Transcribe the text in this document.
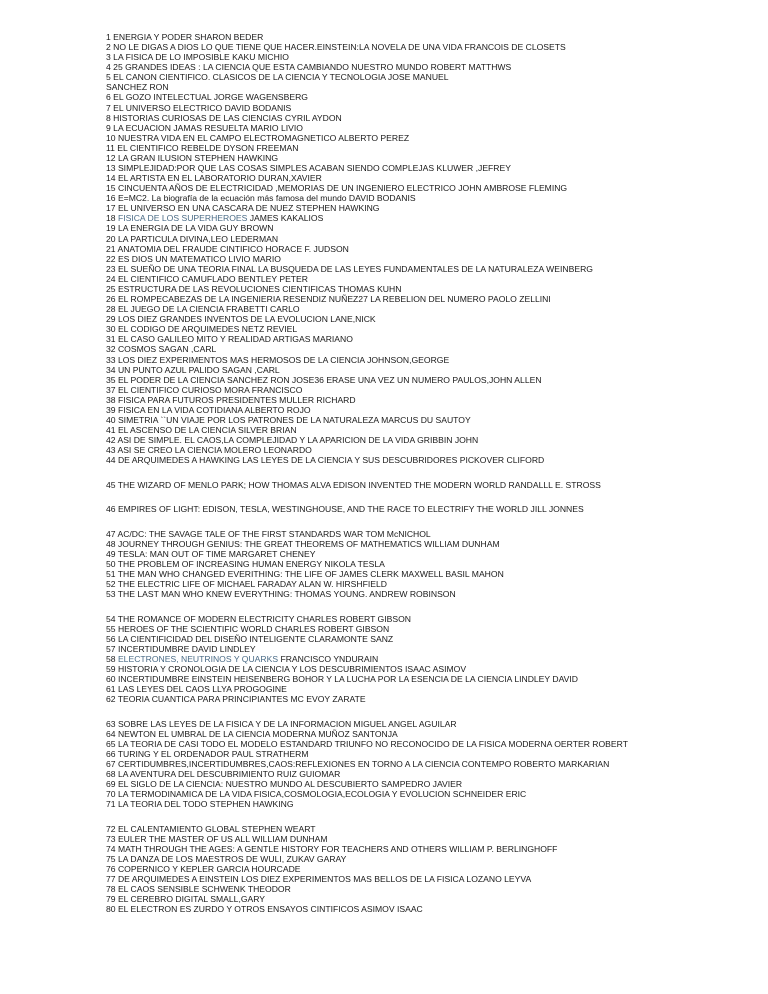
1 ENERGIA Y PODER SHARON BEDER
2 NO LE DIGAS A DIOS LO QUE TIENE QUE HACER.EINSTEIN:LA NOVELA DE UNA VIDA FRANCOIS DE CLOSETS
3 LA FISICA DE LO IMPOSIBLE KAKU MICHIO
4 25 GRANDES IDEAS : LA CIENCIA QUE ESTA CAMBIANDO NUESTRO MUNDO ROBERT MATTHWS
5 EL CANON CIENTIFICO. CLASICOS DE LA CIENCIA Y TECNOLOGIA JOSE MANUEL
SANCHEZ RON
6 EL GOZO INTELECTUAL JORGE WAGENSBERG
7 EL UNIVERSO ELECTRICO DAVID BODANIS
8 HISTORIAS CURIOSAS DE LAS CIENCIAS CYRIL AYDON
9 LA ECUACION JAMAS RESUELTA MARIO LIVIO
10 NUESTRA VIDA EN EL CAMPO ELECTROMAGNETICO ALBERTO PEREZ
11 EL CIENTIFICO REBELDE DYSON FREEMAN
12 LA GRAN ILUSION STEPHEN HAWKING
13 SIMPLEJIDAD:POR QUE LAS COSAS SIMPLES ACABAN SIENDO COMPLEJAS KLUWER ,JEFREY
14 EL ARTISTA EN EL LABORATORIO DURAN,XAVIER
15 CINCUENTA AÑOS DE ELECTRICIDAD ,MEMORIAS DE UN INGENIERO ELECTRICO JOHN AMBROSE FLEMING
16 E=MC2. La biografía de la ecuación más famosa del mundo DAVID BODANIS
17 EL UNIVERSO EN UNA CASCARA DE NUEZ STEPHEN HAWKING
18 FISICA DE LOS SUPERHEROES JAMES KAKALIOS
19 LA ENERGIA DE LA VIDA GUY BROWN
20 LA PARTICULA DIVINA,LEO LEDERMAN
21 ANATOMIA DEL FRAUDE CINTIFICO HORACE F. JUDSON
22 ES DIOS UN MATEMATICO LIVIO MARIO
23 EL SUEÑO DE UNA TEORIA FINAL LA BUSQUEDA DE LAS LEYES FUNDAMENTALES DE LA NATURALEZA WEINBERG
24 EL CIENTIFICO CAMUFLADO BENTLEY PETER
25 ESTRUCTURA DE LAS REVOLUCIONES CIENTIFICAS THOMAS KUHN
26 EL ROMPECABEZAS DE LA INGENIERIA RESENDIZ NUÑEZ27 LA REBELION DEL NUMERO PAOLO ZELLINI
28 EL JUEGO DE LA CIENCIA FRABETTI CARLO
29 LOS DIEZ GRANDES INVENTOS DE LA EVOLUCION LANE,NICK
30 EL CODIGO DE ARQUIMEDES NETZ REVIEL
31 EL CASO GALILEO MITO Y REALIDAD ARTIGAS MARIANO
32 COSMOS SAGAN ,CARL
33 LOS DIEZ EXPERIMENTOS MAS HERMOSOS DE LA CIENCIA JOHNSON,GEORGE
34 UN PUNTO AZUL PALIDO SAGAN ,CARL
35 EL PODER DE LA CIENCIA SANCHEZ RON JOSE36 ERASE UNA VEZ UN NUMERO PAULOS,JOHN ALLEN
37 EL CIENTIFICO CURIOSO MORA FRANCISCO
38 FISICA PARA FUTUROS PRESIDENTES MULLER RICHARD
39 FISICA EN LA VIDA COTIDIANA ALBERTO ROJO
40 SIMETRIA ``UN VIAJE POR LOS PATRONES DE LA NATURALEZA MARCUS DU SAUTOY
41 EL ASCENSO DE LA CIENCIA SILVER BRIAN
42 ASI DE SIMPLE. EL CAOS,LA COMPLEJIDAD Y LA APARICION DE LA VIDA GRIBBIN JOHN
43 ASI SE CREO LA CIENCIA MOLERO LEONARDO
44 DE ARQUIMEDES A HAWKING LAS LEYES DE LA CIENCIA Y SUS DESCUBRIDORES PICKOVER CLIFORD
45 THE WIZARD OF MENLO PARK; HOW THOMAS ALVA EDISON INVENTED THE MODERN WORLD RANDALLL E. STROSS
46 EMPIRES OF LIGHT: EDISON, TESLA, WESTINGHOUSE, AND THE RACE TO ELECTRIFY THE WORLD JILL JONNES
47 AC/DC: THE SAVAGE TALE OF THE FIRST STANDARDS WAR TOM McNICHOL
48 JOURNEY THROUGH GENIUS: THE GREAT THEOREMS OF MATHEMATICS WILLIAM DUNHAM
49 TESLA: MAN OUT OF TIME MARGARET CHENEY
50 THE PROBLEM OF INCREASING HUMAN ENERGY NIKOLA TESLA
51 THE MAN WHO CHANGED EVERITHING: THE LIFE OF JAMES CLERK MAXWELL BASIL MAHON
52 THE ELECTRIC LIFE OF MICHAEL FARADAY ALAN W. HIRSHFIELD
53 THE LAST MAN WHO KNEW EVERYTHING: THOMAS YOUNG. ANDREW ROBINSON
54 THE ROMANCE OF MODERN ELECTRICITY CHARLES ROBERT GIBSON
55 HEROES OF THE SCIENTIFIC WORLD CHARLES ROBERT GIBSON
56 LA CIENTIFICIDAD DEL DISEÑO INTELIGENTE CLARAMONTE SANZ
57 INCERTIDUMBRE DAVID LINDLEY
58 ELECTRONES, NEUTRINOS Y QUARKS FRANCISCO YNDURAIN
59 HISTORIA Y CRONOLOGIA DE LA CIENCIA Y LOS DESCUBRIMIENTOS ISAAC ASIMOV
60 INCERTIDUMBRE EINSTEIN HEISENBERG BOHOR Y LA LUCHA POR LA ESENCIA DE LA CIENCIA LINDLEY DAVID
61 LAS LEYES DEL CAOS LLYA PROGOGINE
62 TEORIA CUANTICA PARA PRINCIPIANTES MC EVOY ZARATE
63 SOBRE LAS LEYES DE LA FISICA Y DE LA INFORMACION MIGUEL ANGEL AGUILAR
64 NEWTON EL UMBRAL DE LA CIENCIA MODERNA MUÑOZ SANTONJA
65 LA TEORIA DE CASI TODO EL MODELO ESTANDARD TRIUNFO NO RECONOCIDO DE LA FISICA MODERNA OERTER ROBERT
66 TURING Y EL ORDENADOR PAUL STRATHERM
67 CERTIDUMBRES,INCERTIDUMBRES,CAOS:REFLEXIONES EN TORNO A LA CIENCIA CONTEMPO ROBERTO MARKARIAN
68 LA AVENTURA DEL DESCUBRIMIENTO RUIZ GUIOMAR
69 EL SIGLO DE LA CIENCIA: NUESTRO MUNDO AL DESCUBIERTO SAMPEDRO JAVIER
70 LA TERMODINAMICA DE LA VIDA FISICA,COSMOLOGIA,ECOLOGIA Y EVOLUCION SCHNEIDER ERIC
71 LA TEORIA DEL TODO STEPHEN HAWKING
72 EL CALENTAMIENTO GLOBAL STEPHEN WEART
73 EULER THE MASTER OF US ALL WILLIAM DUNHAM
74 MATH THROUGH THE AGES: A GENTLE HISTORY FOR TEACHERS AND OTHERS WILLIAM P. BERLINGHOFF
75 LA DANZA DE LOS MAESTROS DE WULI, ZUKAV GARAY
76 COPERNICO Y KEPLER GARCIA HOURCADE
77 DE ARQUIMEDES A EINSTEIN LOS DIEZ EXPERIMENTOS MAS BELLOS DE LA FISICA LOZANO LEYVA
78 EL CAOS SENSIBLE SCHWENK THEODOR
79 EL CEREBRO DIGITAL SMALL,GARY
80 EL ELECTRON ES ZURDO Y OTROS ENSAYOS CINTIFICOS ASIMOV ISAAC
